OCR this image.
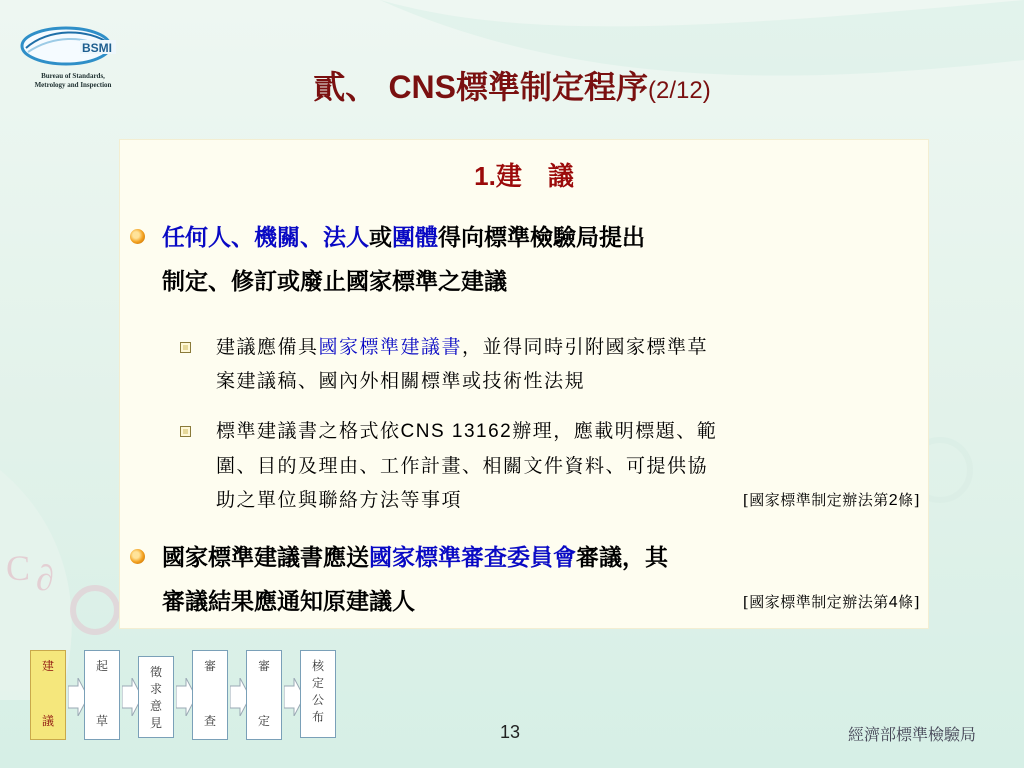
C ∂
BSMI
Bureau of Standards,
Metrology and Inspection	貳、 CNS標準制定程序(2/12)
1.建　議
任何人、機關、法人或團體得向標準檢驗局提出
制定、修訂或廢止國家標準之建議
建議應備具國家標準建議書，並得同時引附國家標準草
案建議稿、國內外相關標準或技術性法規
標準建議書之格式依CNS 13162辦理，應載明標題、範
圍、目的及理由、工作計畫、相關文件資料、可提供協
助之單位與聯絡方法等事項	[國家標準制定辦法第2條]
國家標準建議書應送國家標準審查委員會審議，其
審議結果應通知原建議人	[國家標準制定辦法第4條]
建
議
起
草
徵
求
意
見
審
查
審
定
核
定
公
布
13	經濟部標準檢驗局
